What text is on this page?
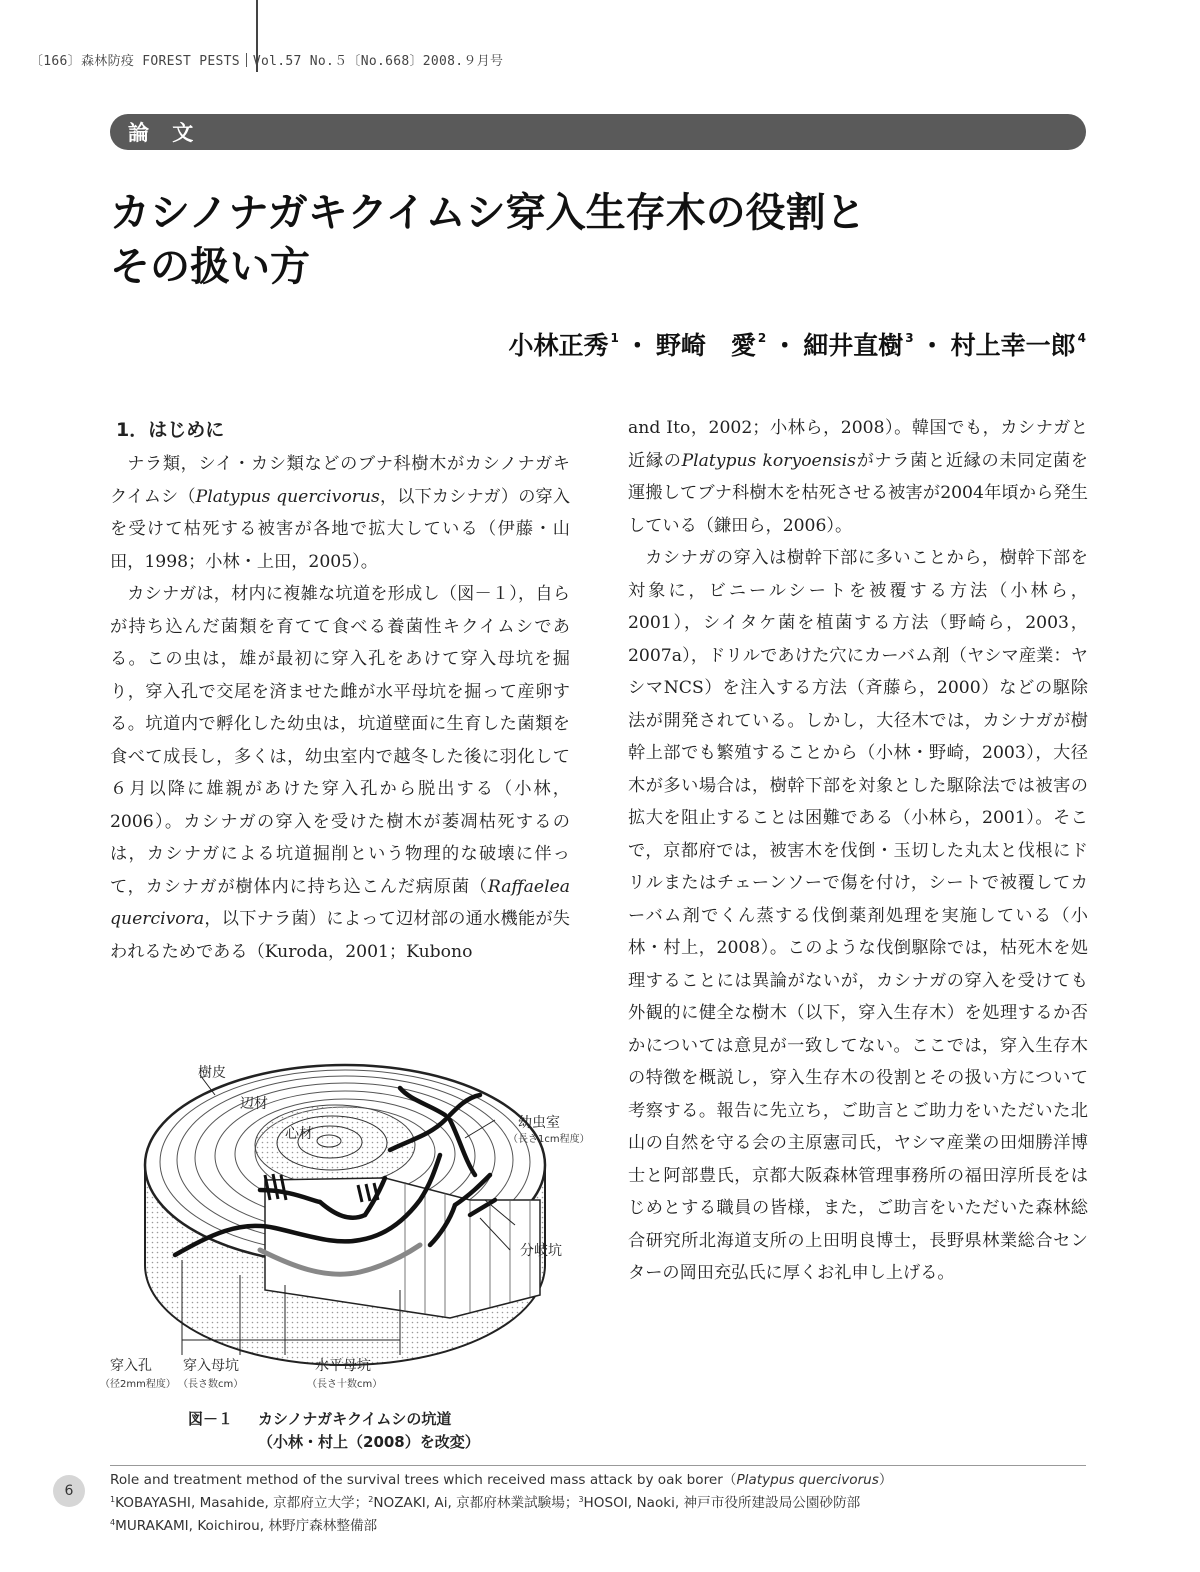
〔166〕森林防疫 FOREST PESTS Vol.57 No.５〔No.668〕2008.９月号
論 文
カシノナガキクイムシ穿入生存木の役割と
その扱い方
小林正秀 $^1$ ・ 野崎　愛 $^2$ ・ 細井直樹 $^3$ ・ 村上幸一郎 $^4$
1．はじめに

ナラ類，シイ・カシ類などのブナ科樹木がカシノナガキクイムシ（Platypus quercivorus，以下カシナガ）の穿入を受けて枯死する被害が各地で拡大している（伊藤・山田，1998；小林・上田，2005）。

カシナガは，材内に複雑な坑道を形成し（図－１），自らが持ち込んだ菌類を育てて食べる養菌性キクイムシである。この虫は，雄が最初に穿入孔をあけて穿入母坑を掘り，穿入孔で交尾を済ませた雌が水平母坑を掘って産卵する。坑道内で孵化した幼虫は，坑道壁面に生育した菌類を食べて成長し，多くは，幼虫室内で越冬した後に羽化して６月以降に雄親があけた穿入孔から脱出する（小林，2006）。カシナガの穿入を受けた樹木が萎凋枯死するのは，カシナガによる坑道掘削という物理的な破壊に伴って，カシナガが樹体内に持ち込こんだ病原菌（Raffaelea quercivora，以下ナラ菌）によって辺材部の通水機能が失われるためである（Kuroda，2001；Kubono

and Ito，2002；小林ら，2008）。韓国でも，カシナガと近縁のPlatypus koryoensisがナラ菌と近縁の未同定菌を運搬してブナ科樹木を枯死させる被害が2004年頃から発生している（鎌田ら，2006）。

カシナガの穿入は樹幹下部に多いことから，樹幹下部を対象に，ビニールシートを被覆する方法（小林ら，2001），シイタケ菌を植菌する方法（野崎ら，2003，2007a），ドリルであけた穴にカーバム剤（ヤシマ産業：ヤシマNCS）を注入する方法（斉藤ら，2000）などの駆除法が開発されている。しかし，大径木では，カシナガが樹幹上部でも繁殖することから（小林・野崎，2003），大径木が多い場合は，樹幹下部を対象とした駆除法では被害の拡大を阻止することは困難である（小林ら，2001）。そこで，京都府では，被害木を伐倒・玉切した丸太と伐根にドリルまたはチェーンソーで傷を付け，シートで被覆してカーバム剤でくん蒸する伐倒薬剤処理を実施している（小林・村上，2008）。このような伐倒駆除では，枯死木を処理することには異論がないが，カシナガの穿入を受けても外観的に健全な樹木（以下，穿入生存木）を処理するか否かについては意見が一致してない。ここでは，穿入生存木の特徴を概説し，穿入生存木の役割とその扱い方について考察する。報告に先立ち，ご助言とご助力をいただいた北山の自然を守る会の主原憲司氏，ヤシマ産業の田畑勝洋博士と阿部豊氏，京都大阪森林管理事務所の福田淳所長をはじめとする職員の皆様，また，ご助言をいただいた森林総合研究所北海道支所の上田明良博士，長野県林業総合センターの岡田充弘氏に厚くお礼申し上げる。

樹皮
辺材
心材
幼虫室
（長さ1cm程度）
分岐坑
穿入孔
（径2mm程度）
穿入母坑
（長さ数cm）
水平母坑
（長さ十数cm）
図－１ カシノナガキクイムシの坑道
（小林・村上（2008）を改変）
6

Role and treatment method of the survival trees which received mass attack by oak borer（Platypus quercivorus）

$^1$KOBAYASHI, Masahide, 京都府立大学；$^2$NOZAKI, Ai, 京都府林業試験場；$^3$HOSOI, Naoki, 神戸市役所建設局公園砂防部

$^4$MURAKAMI, Koichirou, 林野庁森林整備部
